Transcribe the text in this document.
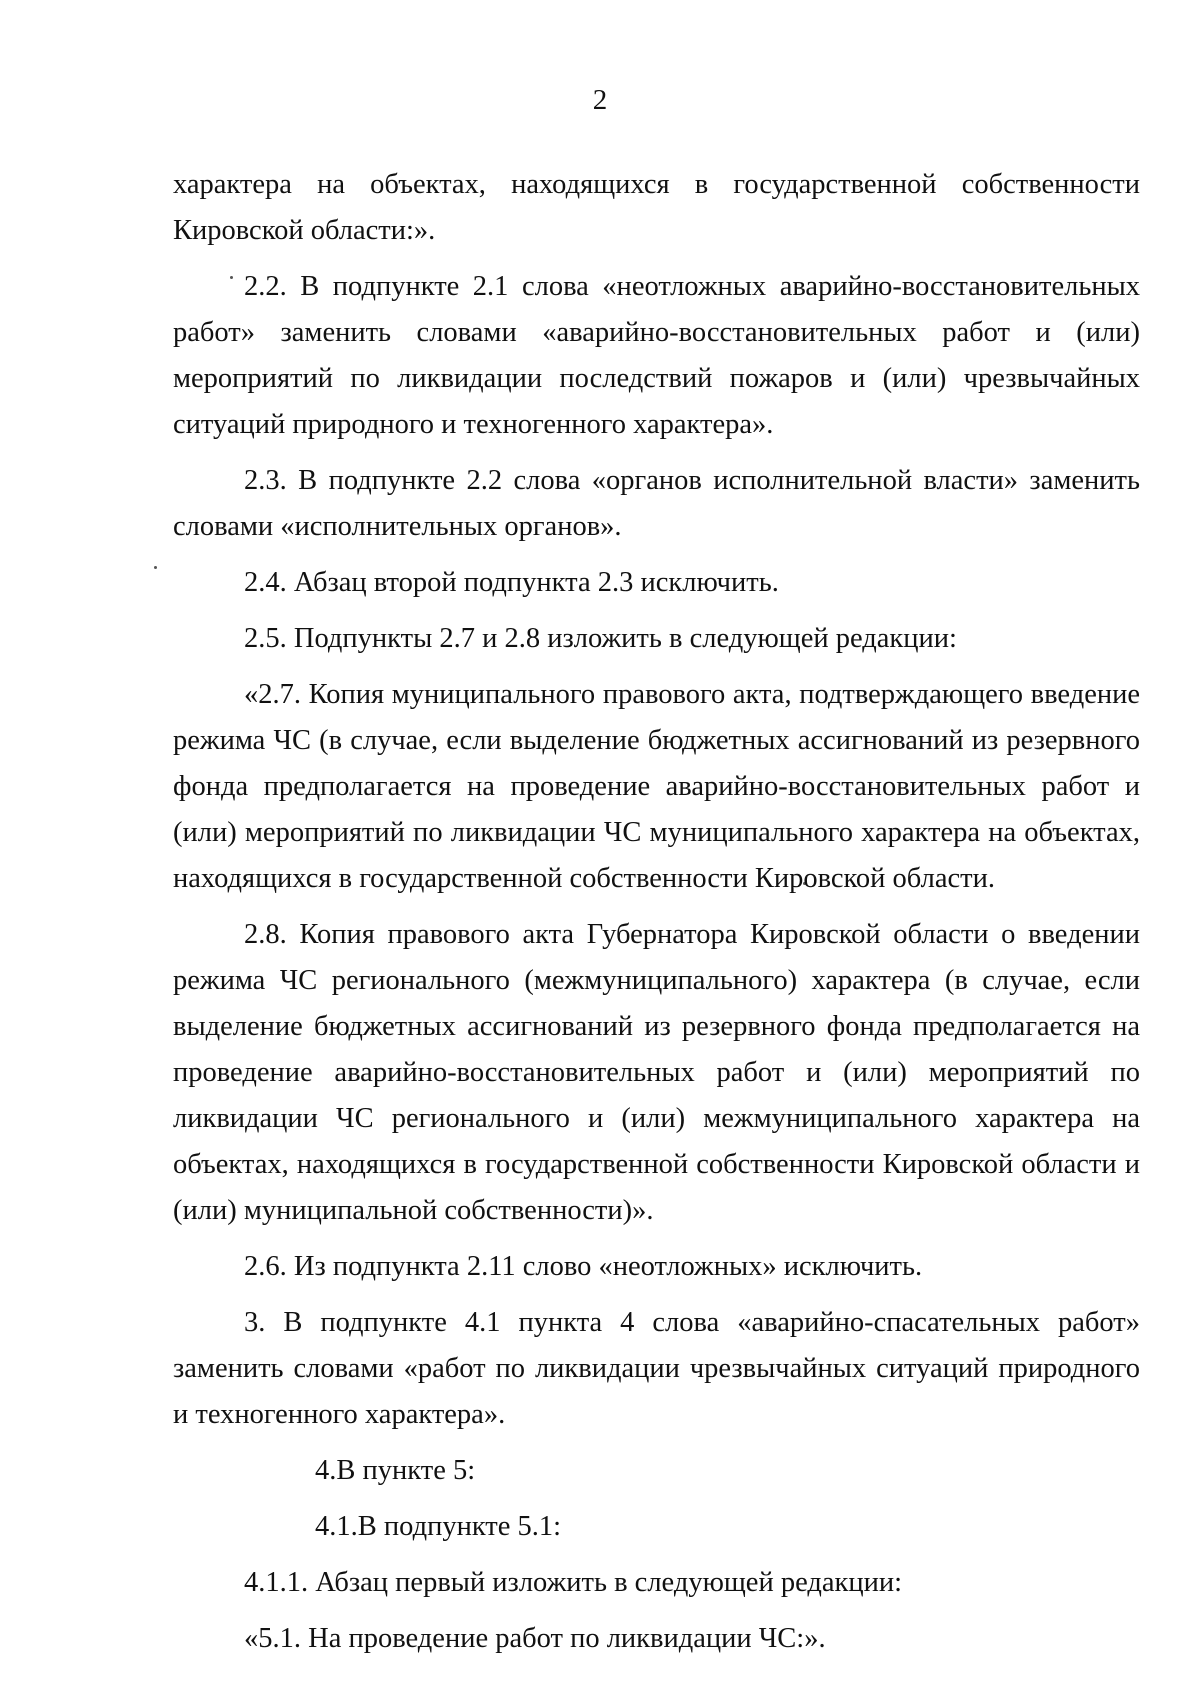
2

характера на объектах, находящихся в государственной собственности Кировской области:».

2.2. В подпункте 2.1 слова «неотложных аварийно-восстановительных работ» заменить словами «аварийно-восстановительных работ и (или) мероприятий по ликвидации последствий пожаров и (или) чрезвычайных ситуаций природного и техногенного характера».

2.3. В подпункте 2.2 слова «органов исполнительной власти» заменить словами «исполнительных органов».

2.4. Абзац второй подпункта 2.3 исключить.

2.5. Подпункты 2.7 и 2.8 изложить в следующей редакции:

«2.7. Копия муниципального правового акта, подтверждающего введение режима ЧС (в случае, если выделение бюджетных ассигнований из резервного фонда предполагается на проведение аварийно-восстановительных работ и (или) мероприятий по ликвидации ЧС муниципального характера на объектах, находящихся в государственной собственности Кировской области.

2.8. Копия правового акта Губернатора Кировской области о введении режима ЧС регионального (межмуниципального) характера (в случае, если выделение бюджетных ассигнований из резервного фонда предполагается на проведение аварийно-восстановительных работ и (или) мероприятий по ликвидации ЧС регионального и (или) межмуниципального характера на объектах, находящихся в государственной собственности Кировской области и (или) муниципальной собственности)».

2.6. Из подпункта 2.11 слово «неотложных» исключить.

3. В подпункте 4.1 пункта 4 слова «аварийно-спасательных работ» заменить словами «работ по ликвидации чрезвычайных ситуаций природного и техногенного характера».

4.В пункте 5:

4.1.В подпункте 5.1:

4.1.1. Абзац первый изложить в следующей редакции:

«5.1. На проведение работ по ликвидации ЧС:».
